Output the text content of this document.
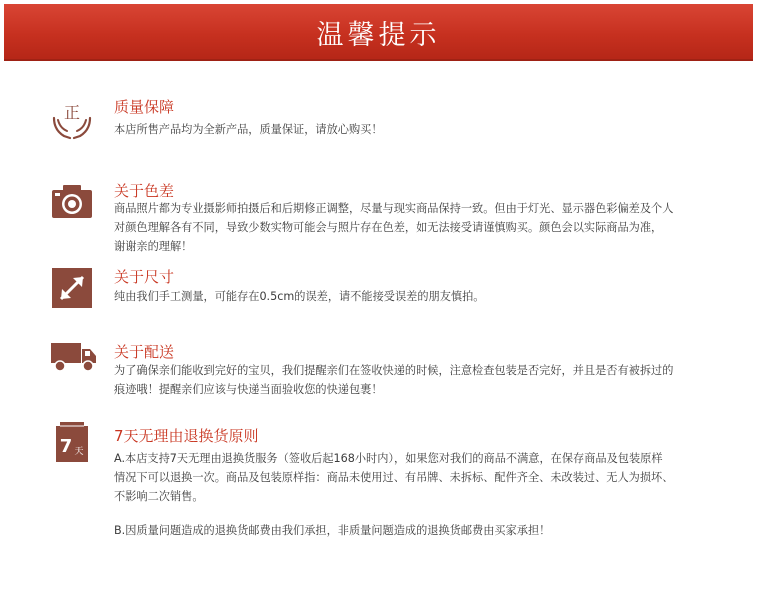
温馨提示
正 质量保障
本店所售产品均为全新产品，质量保证，请放心购买！
关于色差
商品照片都为专业摄影师拍摄后和后期修正调整，尽量与现实商品保持一致。但由于灯光、显示器色彩偏差及个人
对颜色理解各有不同，导致少数实物可能会与照片存在色差，如无法接受请谨慎购买。颜色会以实际商品为准，
谢谢亲的理解！
关于尺寸
纯由我们手工测量，可能存在0.5cm的误差，请不能接受误差的朋友慎拍。
关于配送
为了确保亲们能收到完好的宝贝，我们提醒亲们在签收快递的时候，注意检查包装是否完好，并且是否有被拆过的
痕迹哦！提醒亲们应该与快递当面验收您的快递包裹！
7 天
7天无理由退换货原则
A.本店支持7天无理由退换货服务（签收后起168小时内），如果您对我们的商品不满意，在保存商品及包装原样
情况下可以退换一次。商品及包装原样指：商品未使用过、有吊牌、未拆标、配件齐全、未改装过、无人为损坏、
不影响二次销售。
B.因质量问题造成的退换货邮费由我们承担，非质量问题造成的退换货邮费由买家承担！
